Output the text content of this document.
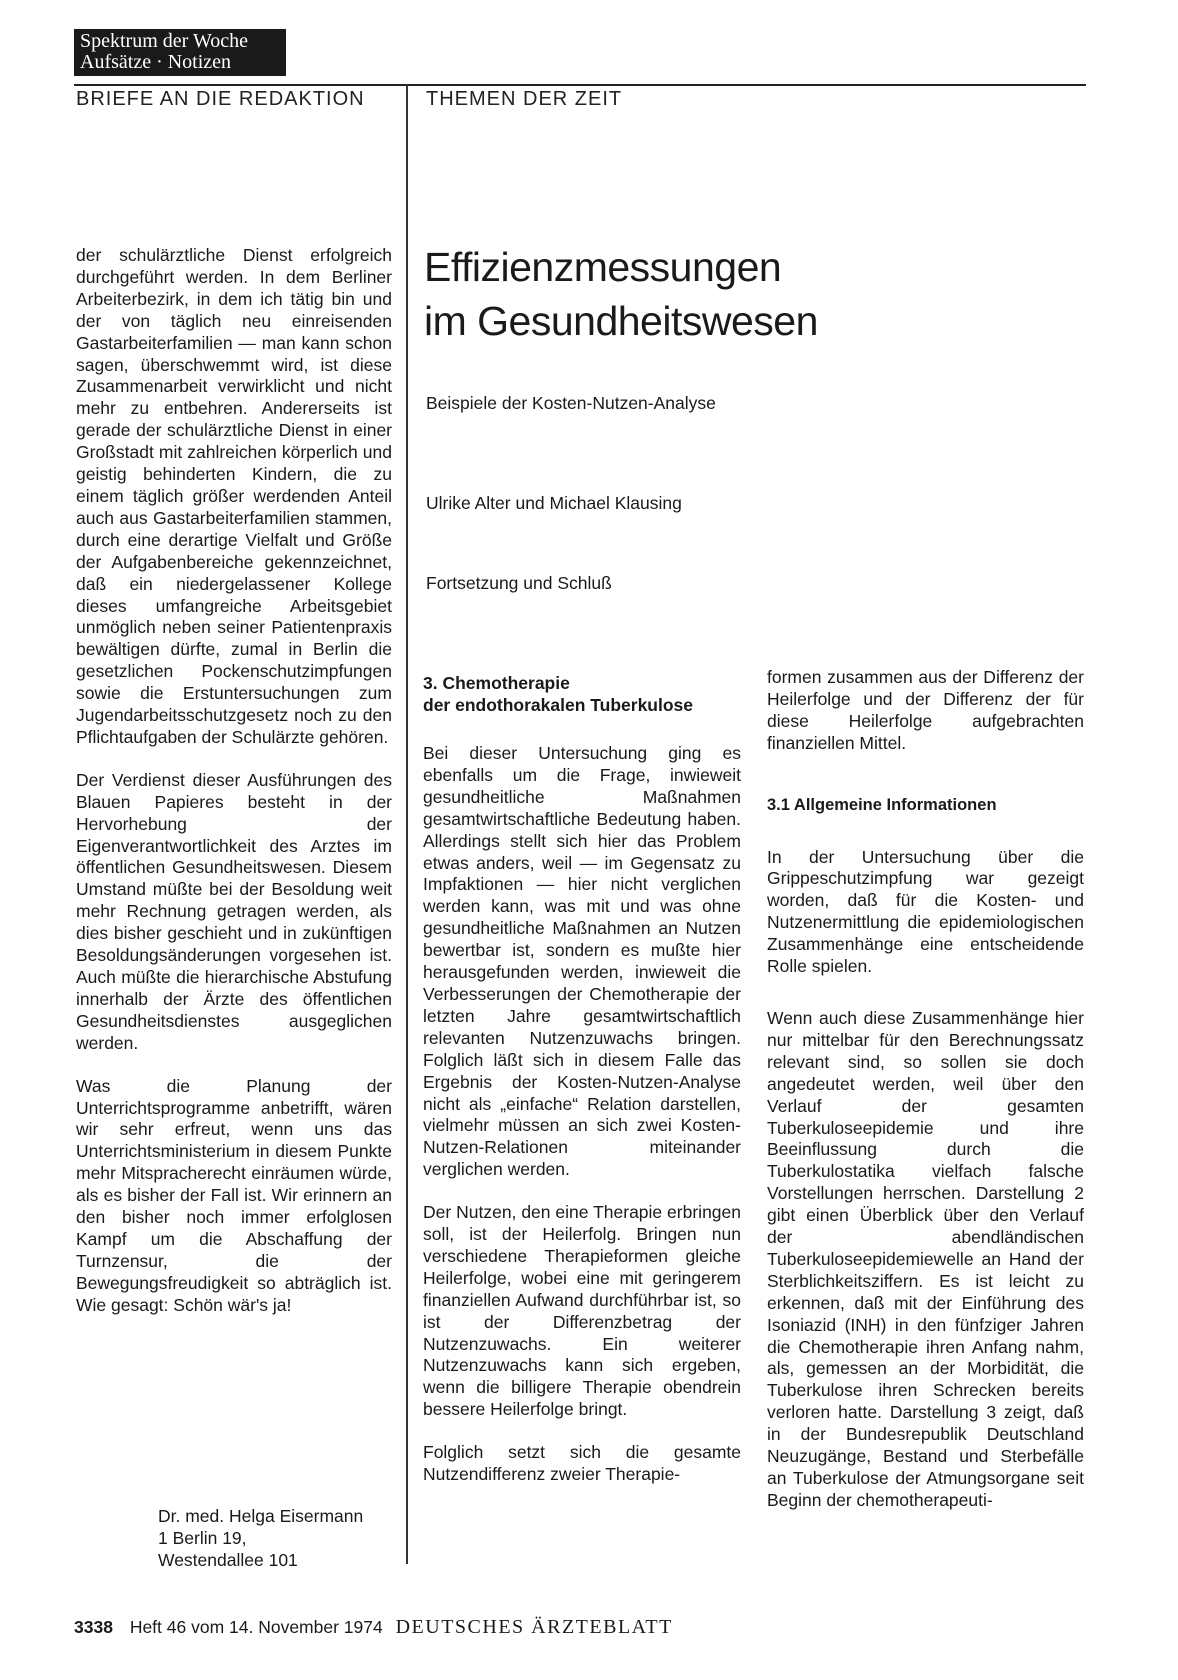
Spektrum der Woche
Aufsätze · Notizen
BRIEFE AN DIE REDAKTION	THEMEN DER ZEIT

der schulärztliche Dienst erfolgreich durchgeführt werden. In dem Berliner Arbeiterbezirk, in dem ich tätig bin und der von täglich neu einreisenden Gastarbeiterfamilien — man kann schon sagen, überschwemmt wird, ist diese Zusammenarbeit verwirklicht und nicht mehr zu entbehren. Andererseits ist gerade der schulärztliche Dienst in einer Großstadt mit zahlreichen körperlich und geistig behinderten Kindern, die zu einem täglich größer werdenden Anteil auch aus Gastarbeiterfamilien stammen, durch eine derartige Vielfalt und Größe der Aufgabenbereiche gekennzeichnet, daß ein niedergelassener Kollege dieses umfangreiche Arbeitsgebiet unmöglich neben seiner Patientenpraxis bewältigen dürfte, zumal in Berlin die gesetzlichen Pockenschutzimpfungen sowie die Erstuntersuchungen zum Jugendarbeitsschutzgesetz noch zu den Pflichtaufgaben der Schulärzte gehören.

Der Verdienst dieser Ausführungen des Blauen Papieres besteht in der Hervorhebung der Eigenverantwortlichkeit des Arztes im öffentlichen Gesundheitswesen. Diesem Umstand müßte bei der Besoldung weit mehr Rechnung getragen werden, als dies bisher geschieht und in zukünftigen Besoldungsänderungen vorgesehen ist. Auch müßte die hierarchische Abstufung innerhalb der Ärzte des öffentlichen Gesundheitsdienstes ausgeglichen werden.

Was die Planung der Unterrichtsprogramme anbetrifft, wären wir sehr erfreut, wenn uns das Unterrichtsministerium in diesem Punkte mehr Mitspracherecht einräumen würde, als es bisher der Fall ist. Wir erinnern an den bisher noch immer erfolglosen Kampf um die Abschaffung der Turnzensur, die der Bewegungsfreudigkeit so abträglich ist. Wie gesagt: Schön wär's ja!

Dr. med. Helga Eisermann
1 Berlin 19,
Westendallee 101
Effizienzmessungen
im Gesundheitswesen
Beispiele der Kosten-Nutzen-Analyse
Ulrike Alter und Michael Klausing
Fortsetzung und Schluß
3. Chemotherapie
der endothorakalen Tuberkulose

Bei dieser Untersuchung ging es ebenfalls um die Frage, inwieweit gesundheitliche Maßnahmen gesamtwirtschaftliche Bedeutung haben. Allerdings stellt sich hier das Problem etwas anders, weil — im Gegensatz zu Impfaktionen — hier nicht verglichen werden kann, was mit und was ohne gesundheitliche Maßnahmen an Nutzen bewertbar ist, sondern es mußte hier herausgefunden werden, inwieweit die Verbesserungen der Chemotherapie der letzten Jahre gesamtwirtschaftlich relevanten Nutzenzuwachs bringen. Folglich läßt sich in diesem Falle das Ergebnis der Kosten-Nutzen-Analyse nicht als „einfache“ Relation darstellen, vielmehr müssen an sich zwei Kosten-Nutzen-Relationen miteinander verglichen werden.

Der Nutzen, den eine Therapie erbringen soll, ist der Heilerfolg. Bringen nun verschiedene Therapieformen gleiche Heilerfolge, wobei eine mit geringerem finanziellen Aufwand durchführbar ist, so ist der Differenzbetrag der Nutzenzuwachs. Ein weiterer Nutzenzuwachs kann sich ergeben, wenn die billigere Therapie obendrein bessere Heilerfolge bringt.

Folglich setzt sich die gesamte Nutzendifferenz zweier Therapie-

formen zusammen aus der Differenz der Heilerfolge und der Differenz der für diese Heilerfolge aufgebrachten finanziellen Mittel.

3.1 Allgemeine Informationen

In der Untersuchung über die Grippeschutzimpfung war gezeigt worden, daß für die Kosten- und Nutzenermittlung die epidemiologischen Zusammenhänge eine entscheidende Rolle spielen.

Wenn auch diese Zusammenhänge hier nur mittelbar für den Berechnungssatz relevant sind, so sollen sie doch angedeutet werden, weil über den Verlauf der gesamten Tuberkuloseepidemie und ihre Beeinflussung durch die Tuberkulostatika vielfach falsche Vorstellungen herrschen. Darstellung 2 gibt einen Überblick über den Verlauf der abendländischen Tuberkuloseepidemiewelle an Hand der Sterblichkeitsziffern. Es ist leicht zu erkennen, daß mit der Einführung des Isoniazid (INH) in den fünfziger Jahren die Chemotherapie ihren Anfang nahm, als, gemessen an der Morbidität, die Tuberkulose ihren Schrecken bereits verloren hatte. Darstellung 3 zeigt, daß in der Bundesrepublik Deutschland Neuzugänge, Bestand und Sterbefälle an Tuberkulose der Atmungsorgane seit Beginn der chemotherapeuti-

3338 Heft 46 vom 14. November 1974 DEUTSCHES ÄRZTEBLATT
